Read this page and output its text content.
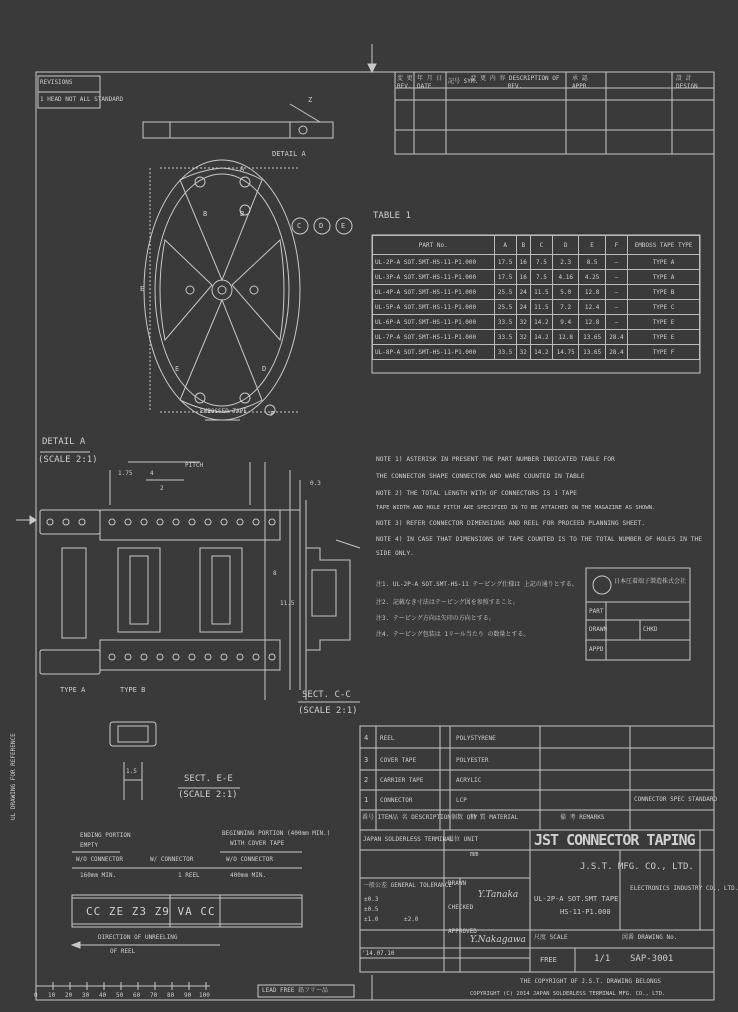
REVISIONS
1 HEAD NOT ALL STANDARD
変 更 REV.
年 月 日 DATE
記号 SYM.
変 更 内 容 DESCRIPTION OF REV.
承 認 APPR.
設 計 DESIGN
Z
DETAIL A
A
B	B
C	D	E
E	D
F
E
EMBOSSED TAPE
TABLE 1
PART No.	A	B	C	D	E	F	EMBOSS TAPE TYPE
UL-2P-A SOT.SMT-HS-11-P1.000	17.5	16	7.5	2.3	8.5	—	TYPE A
UL-3P-A SOT.SMT-HS-11-P1.000	17.5	16	7.5	4.16	4.25	—	TYPE A
UL-4P-A SOT.SMT-HS-11-P1.000	25.5	24	11.5	5.0	12.8	—	TYPE B
UL-5P-A SOT.SMT-HS-11-P1.000	25.5	24	11.5	7.2	12.4	—	TYPE C
UL-6P-A SOT.SMT-HS-11-P1.000	33.5	32	14.2	9.4	12.8	—	TYPE E
UL-7P-A SOT.SMT-HS-11-P1.000	33.5	32	14.2	12.8	13.65	28.4	TYPE E
UL-8P-A SOT.SMT-HS-11-P1.000	33.5	32	14.2	14.75	13.65	28.4	TYPE F
NOTE 1) ASTERISK IN PRESENT THE PART NUMBER INDICATED TABLE FOR
THE CONNECTOR SHAPE CONNECTOR AND WARE COUNTED IN TABLE
NOTE 2) THE TOTAL LENGTH WITH OF CONNECTORS IS 1 TAPE
TAPE WIDTH AND HOLE PITCH ARE SPECIFIED IN TO BE ATTACHED ON THE MAGAZINE AS SHOWN.
NOTE 3) REFER CONNECTOR DIMENSIONS AND REEL FOR PROCEED PLANNING SHEET.
NOTE 4) IN CASE THAT DIMENSIONS OF TAPE COUNTED IS TO THE TOTAL NUMBER OF HOLES IN THE
SIDE ONLY.
注1. UL-2P-A SOT.SMT-HS-11 テーピング仕様は 上記の通りとする。
注2. 記載なき寸法はテーピング図を参照すること。
注3. テーピング方向は矢印の方向とする。
注4. テーピング包装は 1リール当たり の数量とする。
日本圧着端子製造株式会社
PART
DRAWN	CHKD
APPD
DETAIL A
(SCALE 2:1)
SECT. C-C
(SCALE 2:1)
SECT. E-E
(SCALE 2:1)
TYPE A	TYPE B
PITCH
4
2
8
11.5
0.3
1.5
1.75
4 REEL	POLYSTYRENE
3 COVER TAPE	POLYESTER
2 CARRIER TAPE	ACRYLIC
1 CONNECTOR	LCP	CONNECTOR SPEC STANDARD
番号 ITEM 品 名 DESCRIPTION 個数 QTY
材 質 MATERIAL	備 考 REMARKS
JAPAN SOLDERLESS TERMINAL	JST CONNECTOR TAPING
J.S.T. MFG. CO., LTD.
ELECTRONICS INDUSTRY CO., LTD.
UL-2P-A SOT.SMT TAPE
HS-11-P1.000
図番 DRAWING No.
SAP-3001
尺度 SCALE
FREE
単位 UNIT
mm
一般公差 GENERAL TOLERANCE
±0.3
±0.5
±1.0	±2.0
DRAWN
CHECKED
APPROVED
Y.Tanaka
Y.Nakagawa
'14.07.10
1/1
ENDING PORTION
EMPTY
BEGINNING PORTION (400mm MIN.)
WITH COVER TAPE
W/O CONNECTOR	W/ CONNECTOR	W/O CONNECTOR
160mm MIN.	1 REEL	400mm MIN.
CC ZE Z3 Z9 VA CC
DIRECTION OF UNREELING
OF REEL
0 10 20 30 40 50 60 70 80 90 100
LEAD FREE 鉛フリー品
THE COPYRIGHT OF J.S.T. DRAWING BELONGS
COPYRIGHT (C) 2014 JAPAN SOLDERLESS TERMINAL MFG. CO., LTD.
UL DRAWING FOR REFERENCE
